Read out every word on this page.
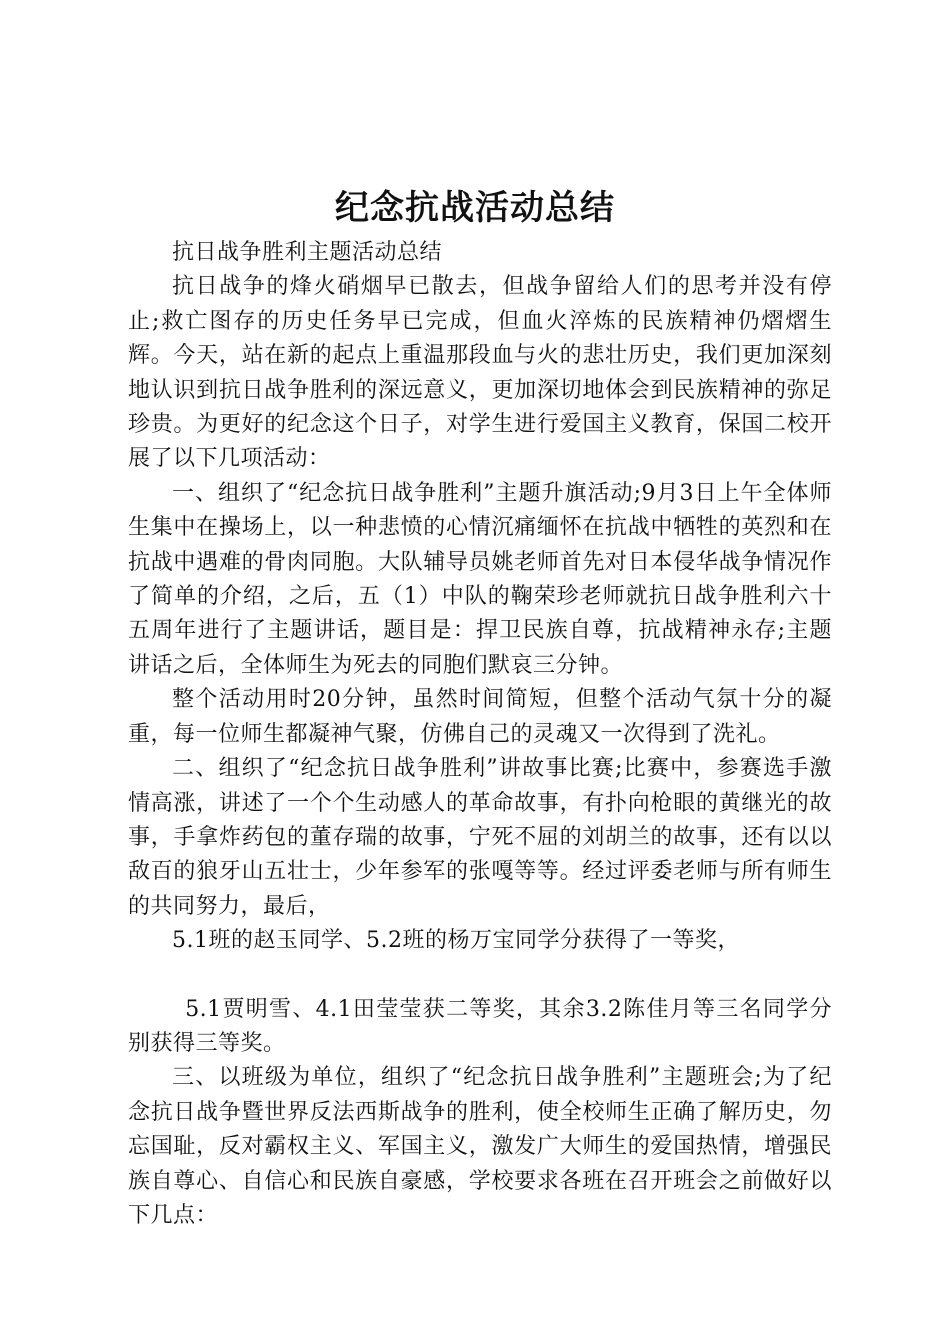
纪念抗战活动总结

抗日战争胜利主题活动总结

抗日战争的烽火硝烟早已散去，但战争留给人们的思考并没有停止;救亡图存的历史任务早已完成，但血火淬炼的民族精神仍熠熠生辉。今天，站在新的起点上重温那段血与火的悲壮历史，我们更加深刻地认识到抗日战争胜利的深远意义，更加深切地体会到民族精神的弥足珍贵。为更好的纪念这个日子，对学生进行爱国主义教育，保国二校开展了以下几项活动：

一、组织了“纪念抗日战争胜利”主题升旗活动;9月3日上午全体师生集中在操场上，以一种悲愤的心情沉痛缅怀在抗战中牺牲的英烈和在抗战中遇难的骨肉同胞。大队辅导员姚老师首先对日本侵华战争情况作了简单的介绍，之后，五（1）中队的鞠荣珍老师就抗日战争胜利六十五周年进行了主题讲话，题目是：捍卫民族自尊，抗战精神永存;主题讲话之后，全体师生为死去的同胞们默哀三分钟。

整个活动用时20分钟，虽然时间简短，但整个活动气氛十分的凝重，每一位师生都凝神气聚，仿佛自己的灵魂又一次得到了洗礼。

二、组织了“纪念抗日战争胜利”讲故事比赛;比赛中，参赛选手激情高涨，讲述了一个个生动感人的革命故事，有扑向枪眼的黄继光的故事，手拿炸药包的董存瑞的故事，宁死不屈的刘胡兰的故事，还有以以敌百的狼牙山五壮士，少年参军的张嘎等等。经过评委老师与所有师生的共同努力，最后，

5.1班的赵玉同学、5.2班的杨万宝同学分获得了一等奖，

5.1贾明雪、4.1田莹莹获二等奖，其余3.2陈佳月等三名同学分别获得三等奖。

三、以班级为单位，组织了“纪念抗日战争胜利”主题班会;为了纪念抗日战争暨世界反法西斯战争的胜利，使全校师生正确了解历史，勿忘国耻，反对霸权主义、军国主义，激发广大师生的爱国热情，增强民族自尊心、自信心和民族自豪感，学校要求各班在召开班会之前做好以下几点：
